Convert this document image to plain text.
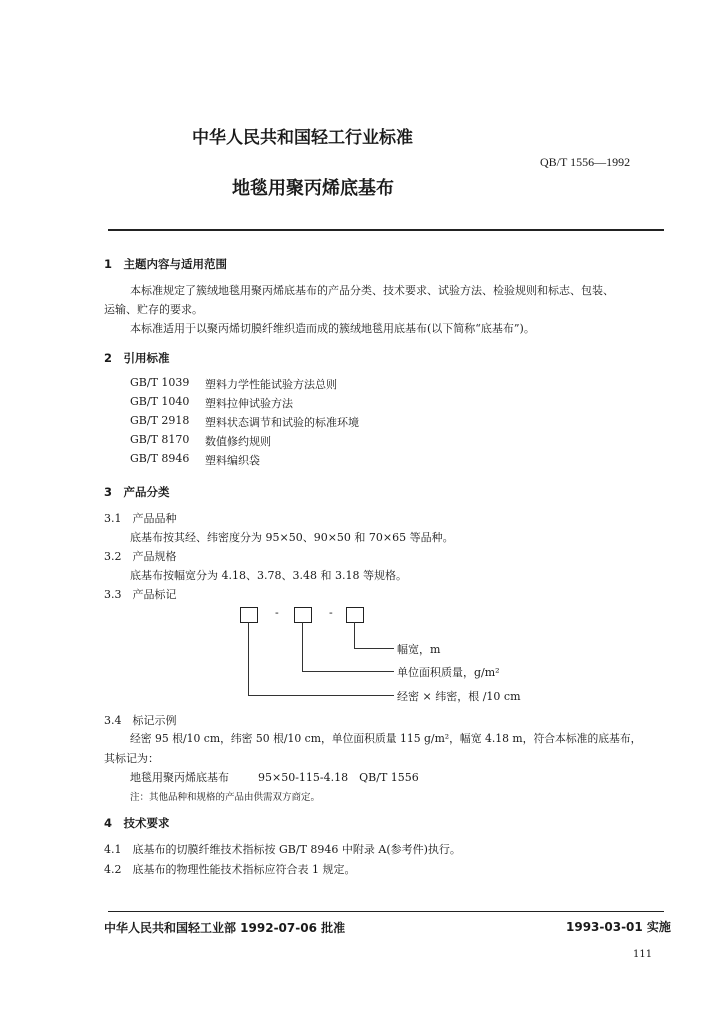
中华人民共和国轻工行业标准
QB/T 1556—1992
地毯用聚丙烯底基布
1　主题内容与适用范围
本标准规定了簇绒地毯用聚丙烯底基布的产品分类、技术要求、试验方法、检验规则和标志、包装、
运输、贮存的要求。
本标准适用于以聚丙烯切膜纤维织造而成的簇绒地毯用底基布(以下简称“底基布”)。
2　引用标准
GB/T 1039 塑料力学性能试验方法总则
GB/T 1040 塑料拉伸试验方法
GB/T 2918 塑料状态调节和试验的标准环境
GB/T 8170 数值修约规则
GB/T 8946 塑料编织袋
3　产品分类
3.1　产品品种
底基布按其经、纬密度分为 95×50、90×50 和 70×65 等品种。
3.2　产品规格
底基布按幅宽分为 4.18、3.78、3.48 和 3.18 等规格。
3.3　产品标记
-	-
幅宽，m
单位面积质量，g/m²
经密 × 纬密，根 /10 cm
3.4　标记示例
经密 95 根/10 cm，纬密 50 根/10 cm，单位面积质量 115 g/m²，幅宽 4.18 m，符合本标准的底基布，
其标记为：
地毯用聚丙烯底基布	95×50-115-4.18　QB/T 1556
注：其他品种和规格的产品由供需双方商定。
4　技术要求
4.1　底基布的切膜纤维技术指标按 GB/T 8946 中附录 A(参考件)执行。
4.2　底基布的物理性能技术指标应符合表 1 规定。
中华人民共和国轻工业部 1992-07-06 批准	1993-03-01 实施
111
